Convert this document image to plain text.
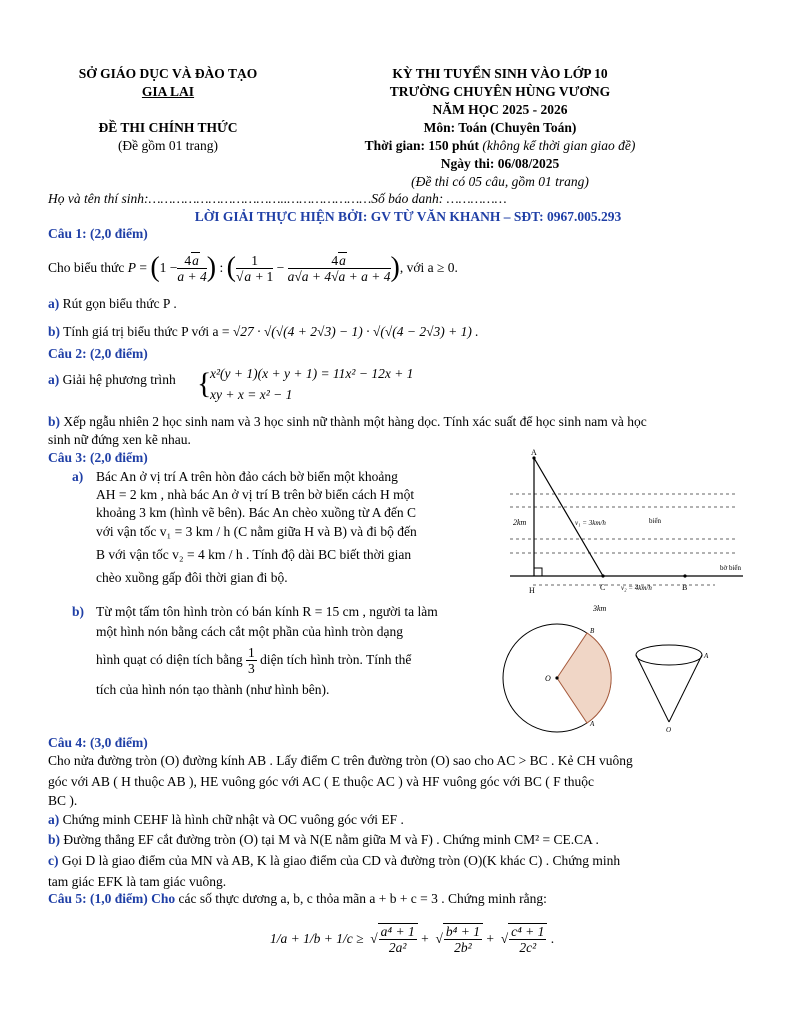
SỞ GIÁO DỤC VÀ ĐÀO TẠO
GIA LAI
ĐỀ THI CHÍNH THỨC
(Đề gồm 01 trang)
KỲ THI TUYỂN SINH VÀO LỚP 10
TRƯỜNG CHUYÊN HÙNG VƯƠNG
NĂM HỌC 2025 - 2026
Môn: Toán (Chuyên Toán)
Thời gian: 150 phút (không kể thời gian giao đề)
Ngày thi: 06/08/2025
(Đề thi có 05 câu, gồm 01 trang)
Họ và tên thí sinh:……………………………..…………………Số báo danh: ……………
LỜI GIẢI THỰC HIỆN BỞI: GV TỪ VĂN KHANH – SĐT: 0967.005.293
Câu 1: (2,0 điểm)
Cho biểu thức
P = ( $1 - \frac{4a}{a + 4}$ ) : ( $\frac{1}{√a + 1} - \frac{4a}{a√a + 4√a + a + 4}$ ) , với a ≥ 0.
a) Rút gọn biểu thức P .
b) Tính giá trị biểu thức P với a = √27 · √(√(4 + 2√3) − 1) · √(√(4 − 2√3) + 1) .
Câu 2: (2,0 điểm)
a) Giải hệ phương trình {
x²(y + 1)(x + y + 1) = 11x² − 12x + 1
xy + x = x² − 1
b) Xếp ngẫu nhiên 2 học sinh nam và 3 học sinh nữ thành một hàng dọc. Tính xác suất để học sinh nam và học
sinh nữ đứng xen kẽ nhau.
Câu 3: (2,0 điểm)
a) Bác An ở vị trí A trên hòn đảo cách bờ biển một khoảng
AH = 2 km , nhà bác An ở vị trí B trên bờ biển cách H một
khoảng 3 km (hình vẽ bên). Bác An chèo xuồng từ A đến C
với vận tốc v₁ = 3 km / h (C nằm giữa H và B) và đi bộ đến
B với vận tốc v₂ = 4 km / h . Tính độ dài BC biết thời gian
chèo xuồng gấp đôi thời gian đi bộ.
b) Từ một tấm tôn hình tròn có bán kính R = 15 cm , người ta làm
một hình nón bằng cách cắt một phần của hình tròn dạng
hình quạt có diện tích bằng
$\frac{1}{3}$
diện tích hình tròn. Tính thể
tích của hình nón tạo thành (như hình bên).
A
H	C	B
2km	v₁ = 3km/h	biển
bờ biển
v₂ = 4km/h
3km
O
B
A
A
O
Câu 4: (3,0 điểm)
Cho nửa đường tròn (O) đường kính AB . Lấy điểm C trên đường tròn (O) sao cho AC > BC . Kẻ CH vuông
góc với AB ( H thuộc AB ), HE vuông góc với AC ( E thuộc AC ) và HF vuông góc với BC ( F thuộc
BC ).
a) Chứng minh CEHF là hình chữ nhật và OC vuông góc với EF .
b) Đường thẳng EF cắt đường tròn (O) tại M và N(E nằm giữa M và F) . Chứng minh CM² = CE.CA .
c) Gọi D là giao điểm của MN và AB, K là giao điểm của CD và đường tròn (O)(K khác C) . Chứng minh
tam giác EFK là tam giác vuông.
Câu 5: (1,0 điểm) Cho các số thực dương a, b, c thỏa mãn a + b + c = 3 . Chứng minh rằng:
1/a + 1/b + 1/c ≥ √ $\frac{\text{a⁴ + 1}}{\text{2a²}}$ +  √ $\frac{\text{b⁴ + 1}}{\text{2b²}}$ +  √ $\frac{\text{c⁴ + 1}}{\text{2c²}}$ .
